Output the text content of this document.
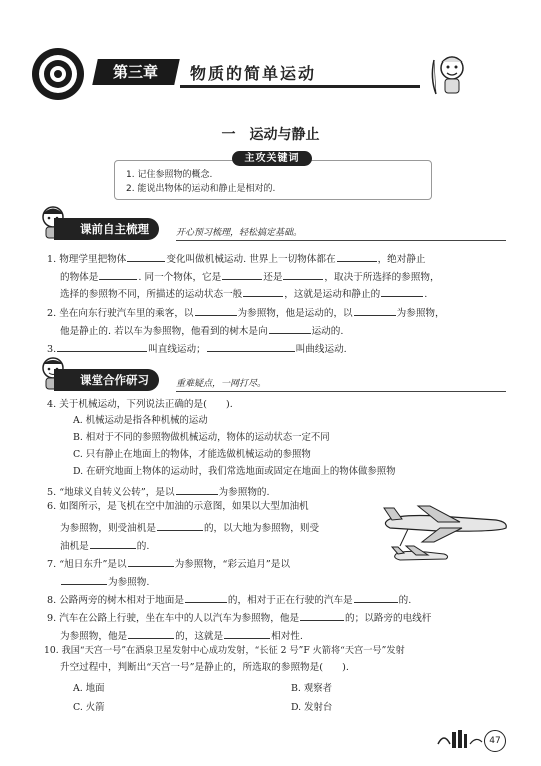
第三章	物质的简单运动
一　运动与静止
主攻关键词
1. 记住参照物的概念.
2. 能说出物体的运动和静止是相对的.
课前自主梳理	开心预习梳理，轻松搞定基础。
1. 物理学里把物体	变化叫做机械运动. 世界上一切物体都在	，绝对静止
的物体是	. 同一个物体，它是	还是	，取决于所选择的参照物，
选择的参照物不同，所描述的运动状态一般	，这就是运动和静止的	.
2. 坐在向东行驶汽车里的乘客，以	为参照物，他是运动的，以	为参照物，
他是静止的. 若以车为参照物，他看到的树木是向	运动的.
3.	叫直线运动；	叫曲线运动.
课堂合作研习	重难疑点，一网打尽。
4. 关于机械运动，下列说法正确的是(　　).
A. 机械运动是指各种机械的运动
B. 相对于不同的参照物做机械运动，物体的运动状态一定不同
C. 只有静止在地面上的物体，才能选做机械运动的参照物
D. 在研究地面上物体的运动时，我们常选地面或固定在地面上的物体做参照物
5. “地球义自转义公转”，是以	为参照物的.
6. 如图所示，是飞机在空中加油的示意图，如果以大型加油机
为参照物，则受油机是	的，以大地为参照物，则受
油机是	的.
7. “旭日东升”是以	为参照物，“彩云追月”是以
为参照物.
8. 公路两旁的树木相对于地面是	的，相对于正在行驶的汽车是	的.
9. 汽车在公路上行驶，坐在车中的人以汽车为参照物，他是	的；以路旁的电线杆
为参照物，他是	的，这就是	相对性.
10. 我国“天宫一号”在酒泉卫星发射中心成功发射，“长征 2 号”F 火箭将“天宫一号”发射
升空过程中，判断出“天宫一号”是静止的，所选取的参照物是(　　).
A. 地面	B. 观察者
C. 火箭	D. 发射台
47
